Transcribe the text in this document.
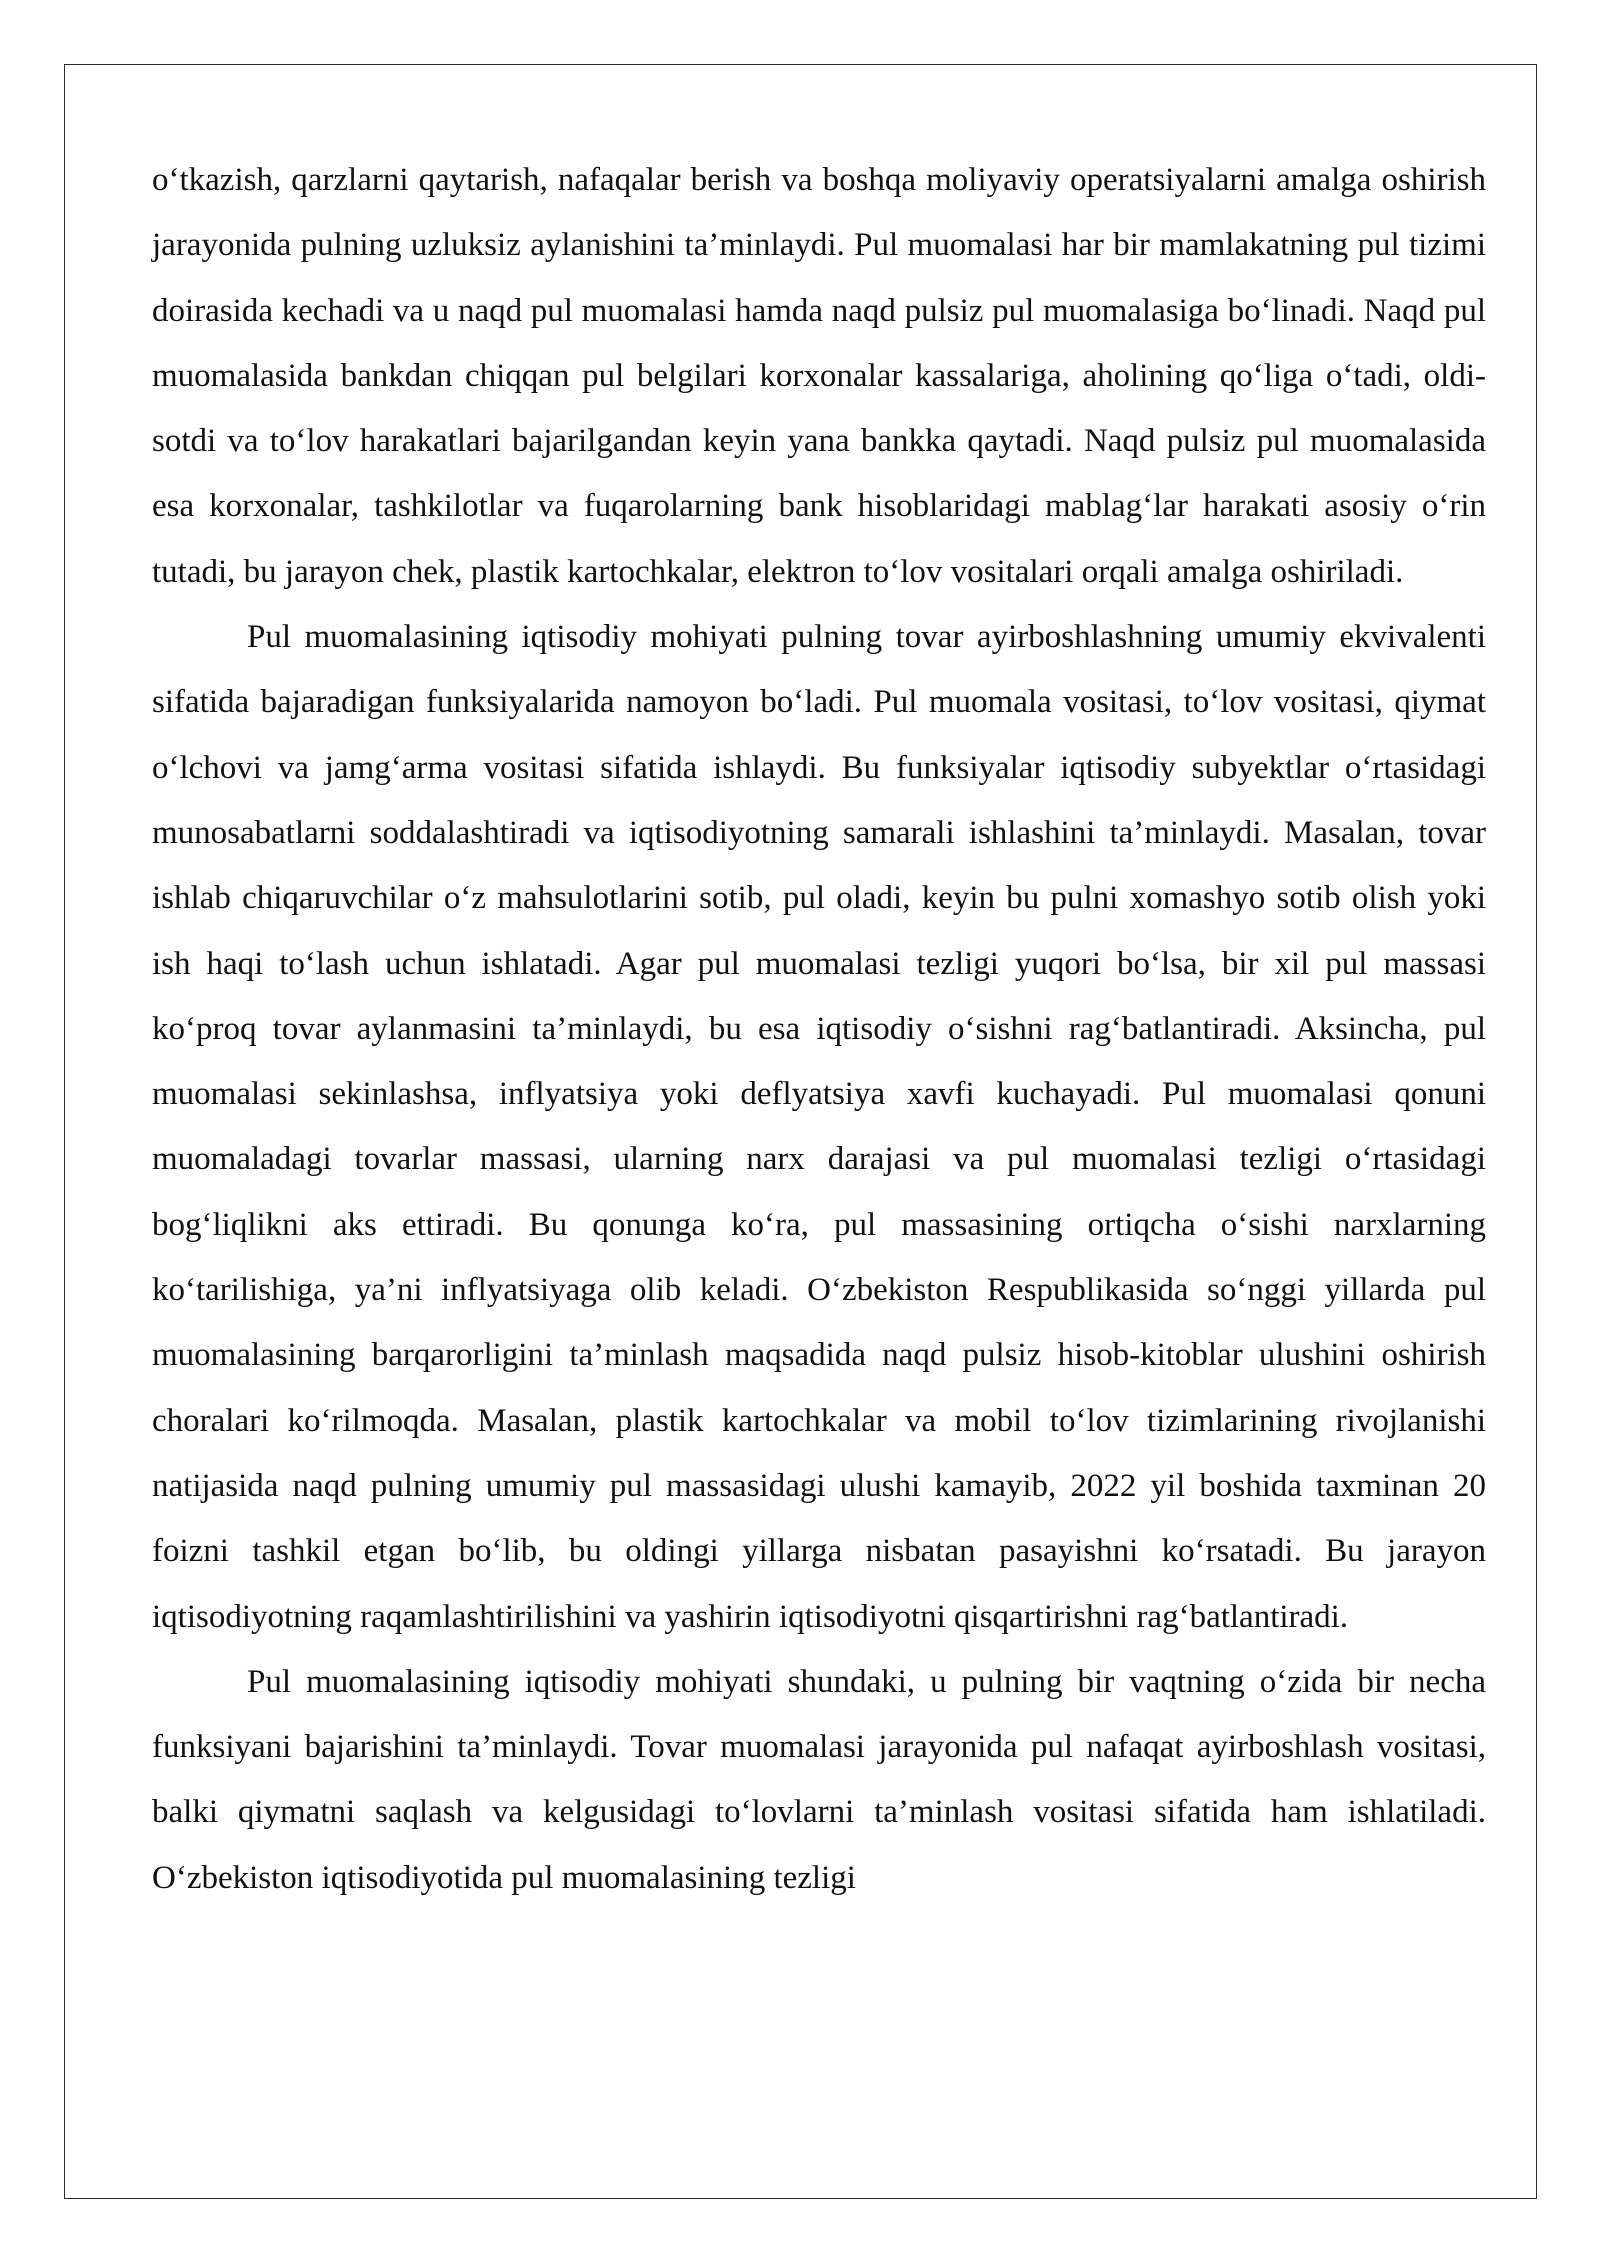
o‘tkazish, qarzlarni qaytarish, nafaqalar berish va boshqa moliyaviy operatsiyalarni amalga oshirish jarayonida pulning uzluksiz aylanishini ta’minlaydi. Pul muomalasi har bir mamlakatning pul tizimi doirasida kechadi va u naqd pul muomalasi hamda naqd pulsiz pul muomalasiga bo‘linadi. Naqd pul muomalasida bankdan chiqqan pul belgilari korxonalar kassalariga, aholining qo‘liga o‘tadi, oldi-sotdi va to‘lov harakatlari bajarilgandan keyin yana bankka qaytadi. Naqd pulsiz pul muomalasida esa korxonalar, tashkilotlar va fuqarolarning bank hisoblaridagi mablag‘lar harakati asosiy o‘rin tutadi, bu jarayon chek, plastik kartochkalar, elektron to‘lov vositalari orqali amalga oshiriladi.

Pul muomalasining iqtisodiy mohiyati pulning tovar ayirboshlashning umumiy ekvivalenti sifatida bajaradigan funksiyalarida namoyon bo‘ladi. Pul muomala vositasi, to‘lov vositasi, qiymat o‘lchovi va jamg‘arma vositasi sifatida ishlaydi. Bu funksiyalar iqtisodiy subyektlar o‘rtasidagi munosabatlarni soddalashtiradi va iqtisodiyotning samarali ishlashini ta’minlaydi. Masalan, tovar ishlab chiqaruvchilar o‘z mahsulotlarini sotib, pul oladi, keyin bu pulni xomashyo sotib olish yoki ish haqi to‘lash uchun ishlatadi. Agar pul muomalasi tezligi yuqori bo‘lsa, bir xil pul massasi ko‘proq tovar aylanmasini ta’minlaydi, bu esa iqtisodiy o‘sishni rag‘batlantiradi. Aksincha, pul muomalasi sekinlashsa, inflyatsiya yoki deflyatsiya xavfi kuchayadi. Pul muomalasi qonuni muomaladagi tovarlar massasi, ularning narx darajasi va pul muomalasi tezligi o‘rtasidagi bog‘liqlikni aks ettiradi. Bu qonunga ko‘ra, pul massasining ortiqcha o‘sishi narxlarning ko‘tarilishiga, ya’ni inflyatsiyaga olib keladi. O‘zbekiston Respublikasida so‘nggi yillarda pul muomalasining barqarorligini ta’minlash maqsadida naqd pulsiz hisob-kitoblar ulushini oshirish choralari ko‘rilmoqda. Masalan, plastik kartochkalar va mobil to‘lov tizimlarining rivojlanishi natijasida naqd pulning umumiy pul massasidagi ulushi kamayib, 2022 yil boshida taxminan 20 foizni tashkil etgan bo‘lib, bu oldingi yillarga nisbatan pasayishni ko‘rsatadi. Bu jarayon iqtisodiyotning raqamlashtirilishini va yashirin iqtisodiyotni qisqartirishni rag‘batlantiradi.

Pul muomalasining iqtisodiy mohiyati shundaki, u pulning bir vaqtning o‘zida bir necha funksiyani bajarishini ta’minlaydi. Tovar muomalasi jarayonida pul nafaqat ayirboshlash vositasi, balki qiymatni saqlash va kelgusidagi to‘lovlarni ta’minlash vositasi sifatida ham ishlatiladi. O‘zbekiston iqtisodiyotida pul muomalasining tezligi
